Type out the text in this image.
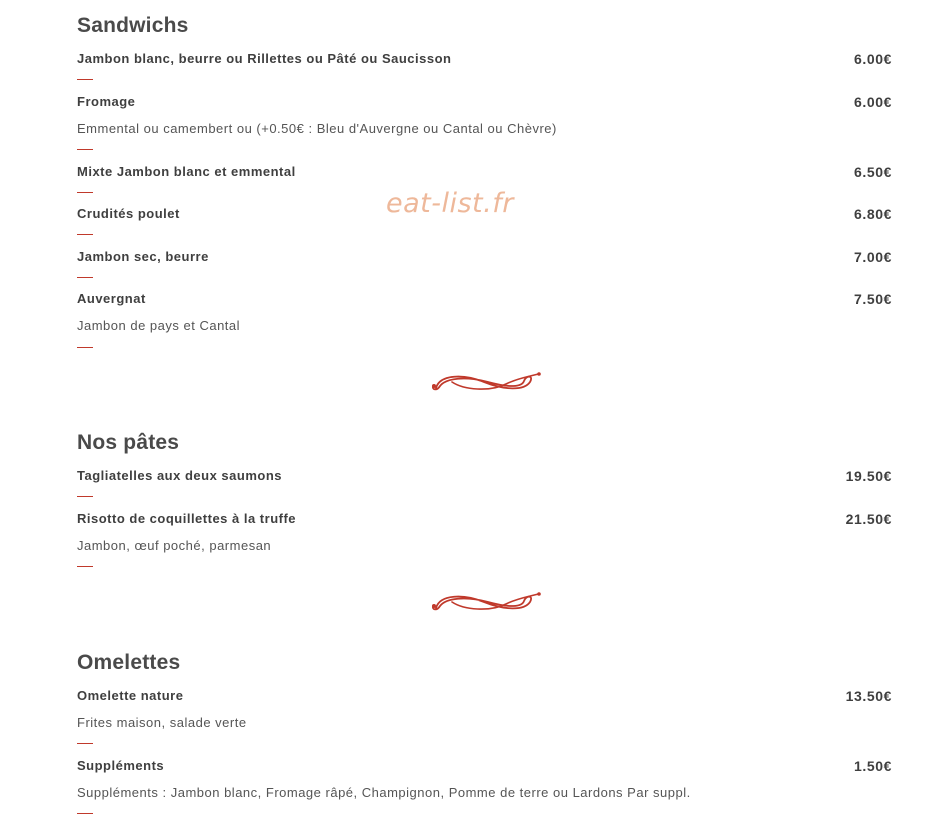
Sandwichs
Jambon blanc, beurre ou Rillettes ou Pâté ou Saucisson	6.00€
Fromage	6.00€
Emmental ou camembert ou (+0.50€ : Bleu d'Auvergne ou Cantal ou Chèvre)
Mixte Jambon blanc et emmental	6.50€
Crudités poulet	6.80€
Jambon sec, beurre	7.00€
Auvergnat	7.50€
Jambon de pays et Cantal
Nos pâtes
Tagliatelles aux deux saumons	19.50€
Risotto de coquillettes à la truffe	21.50€
Jambon, œuf poché, parmesan
Omelettes
Omelette nature	13.50€
Frites maison, salade verte
Suppléments	1.50€
Suppléments : Jambon blanc, Fromage râpé, Champignon, Pomme de terre ou Lardons Par suppl.
eat-list.fr
